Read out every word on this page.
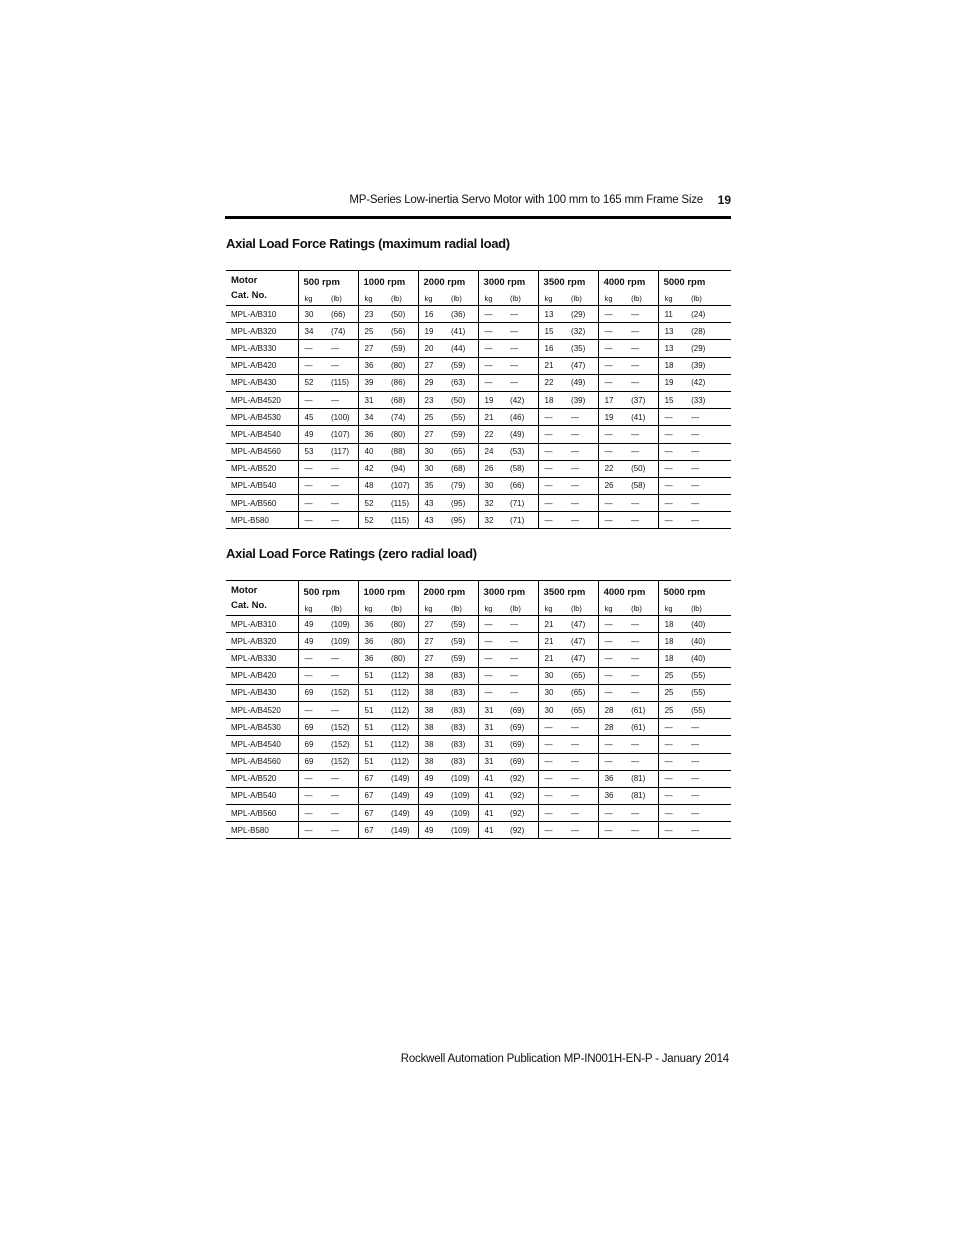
MP-Series Low-inertia Servo Motor with 100 mm to 165 mm Frame Size 19
Axial Load Force Ratings (maximum radial load)
Motor
Cat. No.	500 rpm		1000 rpm		2000 rpm		3000 rpm		3500 rpm		4000 rpm		5000 rpm	
	kg	(lb)	kg	(lb)	kg	(lb)	kg	(lb)	kg	(lb)	kg	(lb)	kg	(lb)
MPL-A/B310	30	(66)	23	(50)	16	(36)	—	—	13	(29)	—	—	11	(24)
MPL-A/B320	34	(74)	25	(56)	19	(41)	—	—	15	(32)	—	—	13	(28)
MPL-A/B330	—	—	27	(59)	20	(44)	—	—	16	(35)	—	—	13	(29)
MPL-A/B420	—	—	36	(80)	27	(59)	—	—	21	(47)	—	—	18	(39)
MPL-A/B430	52	(115)	39	(86)	29	(63)	—	—	22	(49)	—	—	19	(42)
MPL-A/B4520	—	—	31	(68)	23	(50)	19	(42)	18	(39)	17	(37)	15	(33)
MPL-A/B4530	45	(100)	34	(74)	25	(55)	21	(46)	—	—	19	(41)	—	—
MPL-A/B4540	49	(107)	36	(80)	27	(59)	22	(49)	—	—	—	—	—	—
MPL-A/B4560	53	(117)	40	(88)	30	(65)	24	(53)	—	—	—	—	—	—
MPL-A/B520	—	—	42	(94)	30	(68)	26	(58)	—	—	22	(50)	—	—
MPL-A/B540	—	—	48	(107)	35	(79)	30	(66)	—	—	26	(58)	—	—
MPL-A/B560	—	—	52	(115)	43	(95)	32	(71)	—	—	—	—	—	—
MPL-B580	—	—	52	(115)	43	(95)	32	(71)	—	—	—	—	—	—
Axial Load Force Ratings (zero radial load)
Motor
Cat. No.	500 rpm		1000 rpm		2000 rpm		3000 rpm		3500 rpm		4000 rpm		5000 rpm	
	kg	(lb)	kg	(lb)	kg	(lb)	kg	(lb)	kg	(lb)	kg	(lb)	kg	(lb)
MPL-A/B310	49	(109)	36	(80)	27	(59)	—	—	21	(47)	—	—	18	(40)
MPL-A/B320	49	(109)	36	(80)	27	(59)	—	—	21	(47)	—	—	18	(40)
MPL-A/B330	—	—	36	(80)	27	(59)	—	—	21	(47)	—	—	18	(40)
MPL-A/B420	—	—	51	(112)	38	(83)	—	—	30	(65)	—	—	25	(55)
MPL-A/B430	69	(152)	51	(112)	38	(83)	—	—	30	(65)	—	—	25	(55)
MPL-A/B4520	—	—	51	(112)	38	(83)	31	(69)	30	(65)	28	(61)	25	(55)
MPL-A/B4530	69	(152)	51	(112)	38	(83)	31	(69)	—	—	28	(61)	—	—
MPL-A/B4540	69	(152)	51	(112)	38	(83)	31	(69)	—	—	—	—	—	—
MPL-A/B4560	69	(152)	51	(112)	38	(83)	31	(69)	—	—	—	—	—	—
MPL-A/B520	—	—	67	(149)	49	(109)	41	(92)	—	—	36	(81)	—	—
MPL-A/B540	—	—	67	(149)	49	(109)	41	(92)	—	—	36	(81)	—	—
MPL-A/B560	—	—	67	(149)	49	(109)	41	(92)	—	—	—	—	—	—
MPL-B580	—	—	67	(149)	49	(109)	41	(92)	—	—	—	—	—	—
Rockwell Automation Publication MP-IN001H-EN-P - January 2014
